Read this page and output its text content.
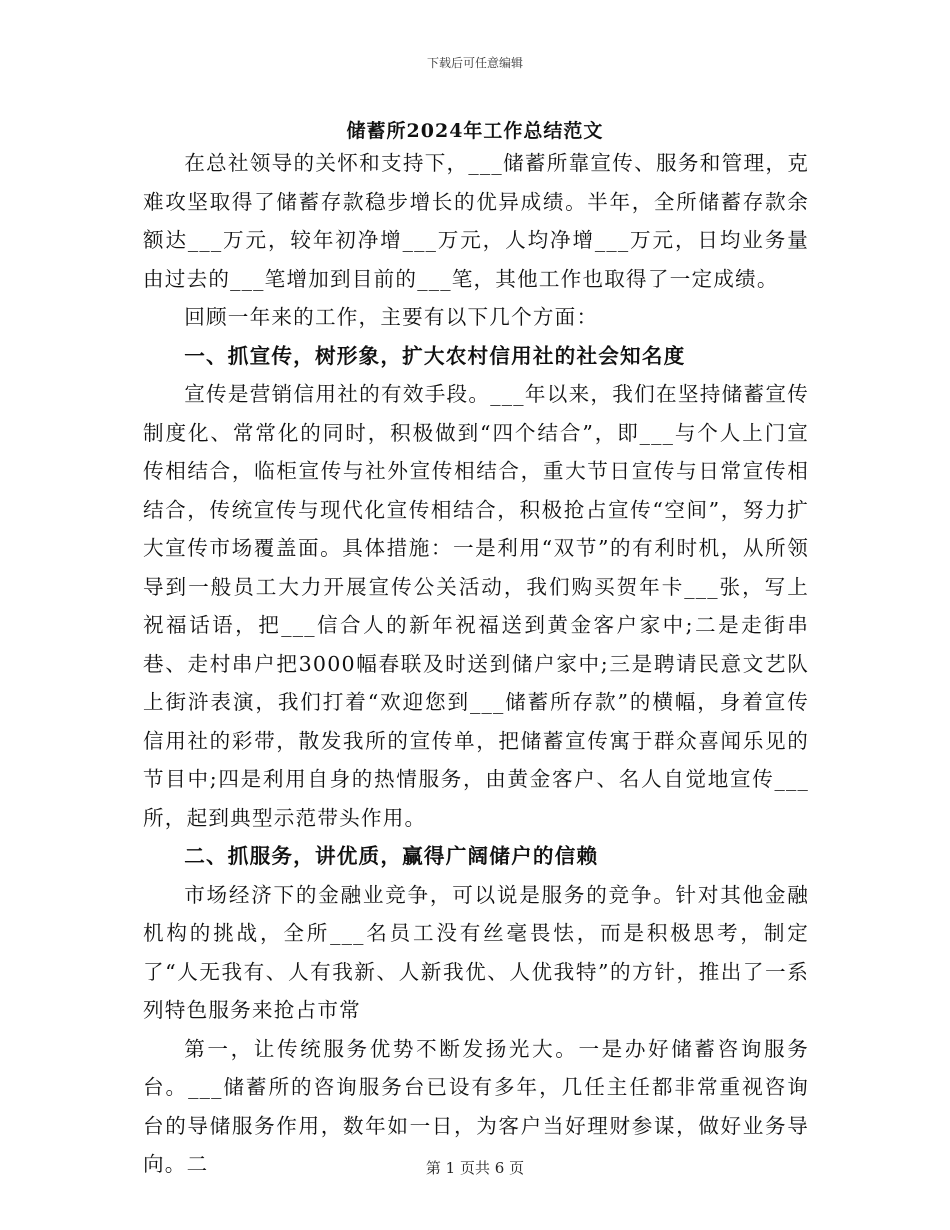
下载后可任意编辑
储蓄所2024年工作总结范文

在总社领导的关怀和支持下，___储蓄所靠宣传、服务和管理，克难攻坚取得了储蓄存款稳步增长的优异成绩。半年，全所储蓄存款余额达___万元，较年初净增___万元，人均净增___万元，日均业务量由过去的___笔增加到目前的___笔，其他工作也取得了一定成绩。

回顾一年来的工作，主要有以下几个方面：

一、抓宣传，树形象，扩大农村信用社的社会知名度

宣传是营销信用社的有效手段。___年以来，我们在坚持储蓄宣传制度化、常常化的同时，积极做到“四个结合”，即___与个人上门宣传相结合，临柜宣传与社外宣传相结合，重大节日宣传与日常宣传相结合，传统宣传与现代化宣传相结合，积极抢占宣传“空间”，努力扩大宣传市场覆盖面。具体措施：一是利用“双节”的有利时机，从所领导到一般员工大力开展宣传公关活动，我们购买贺年卡___张，写上祝福话语，把___信合人的新年祝福送到黄金客户家中;二是走街串巷、走村串户把3000幅春联及时送到储户家中;三是聘请民意文艺队上街浒表演，我们打着“欢迎您到___储蓄所存款”的横幅，身着宣传信用社的彩带，散发我所的宣传单，把储蓄宣传寓于群众喜闻乐见的节目中;四是利用自身的热情服务，由黄金客户、名人自觉地宣传___所，起到典型示范带头作用。

二、抓服务，讲优质，赢得广阔储户的信赖

市场经济下的金融业竞争，可以说是服务的竞争。针对其他金融机构的挑战，全所___名员工没有丝毫畏怯，而是积极思考，制定了“人无我有、人有我新、人新我优、人优我特”的方针，推出了一系列特色服务来抢占市常

第一，让传统服务优势不断发扬光大。一是办好储蓄咨询服务台。___储蓄所的咨询服务台已设有多年，几任主任都非常重视咨询台的导储服务作用，数年如一日，为客户当好理财参谋，做好业务导向。二	第 1 页共 6 页
